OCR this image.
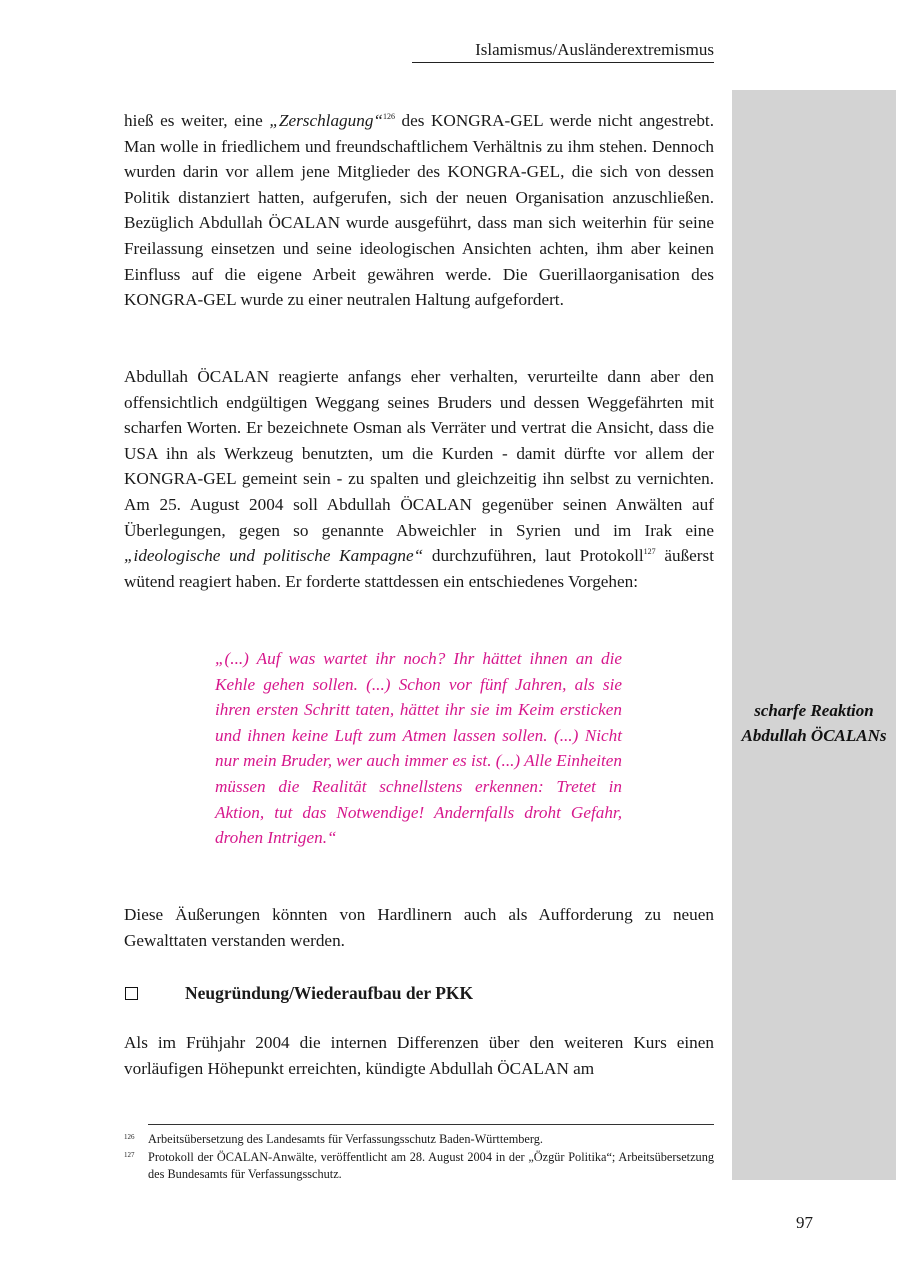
Islamismus/Ausländerextremismus
scharfe Reaktion Abdullah ÖCALANs

hieß es weiter, eine „Zerschlagung“$^{126}$ des KONGRA-GEL werde nicht angestrebt. Man wolle in friedlichem und freundschaftlichem Verhältnis zu ihm stehen. Dennoch wurden darin vor allem jene Mitglieder des KONGRA-GEL, die sich von dessen Politik distanziert hatten, aufgerufen, sich der neuen Organisation anzuschließen. Bezüglich Abdullah ÖCALAN wurde ausgeführt, dass man sich weiterhin für seine Freilassung einsetzen und seine ideologischen Ansichten achten, ihm aber keinen Einfluss auf die eigene Arbeit gewähren werde. Die Guerillaorganisation des KONGRA-GEL wurde zu einer neutralen Haltung aufgefordert.

Abdullah ÖCALAN reagierte anfangs eher verhalten, verurteilte dann aber den offensichtlich endgültigen Weggang seines Bruders und dessen Weggefährten mit scharfen Worten. Er bezeichnete Osman als Verräter und vertrat die Ansicht, dass die USA ihn als Werkzeug benutzten, um die Kurden - damit dürfte vor allem der KONGRA-GEL gemeint sein - zu spalten und gleichzeitig ihn selbst zu vernichten. Am 25. August 2004 soll Abdullah ÖCALAN gegenüber seinen Anwälten auf Überlegungen, gegen so genannte Abweichler in Syrien und im Irak eine „ideologische und politische Kampagne“ durchzuführen, laut Protokoll$^{127}$ äußerst wütend reagiert haben. Er forderte stattdessen ein entschiedenes Vorgehen:

„(...) Auf was wartet ihr noch? Ihr hättet ihnen an die Kehle gehen sollen. (...) Schon vor fünf Jahren, als sie ihren ersten Schritt taten, hättet ihr sie im Keim ersticken und ihnen keine Luft zum Atmen lassen sollen. (...) Nicht nur mein Bruder, wer auch immer es ist. (...) Alle Einheiten müssen die Realität schnellstens erkennen: Tretet in Aktion, tut das Notwendige! Andernfalls droht Gefahr, drohen Intrigen.“

Diese Äußerungen könnten von Hardlinern auch als Aufforderung zu neuen Gewalttaten verstanden werden.

Neugründung/Wiederaufbau der PKK

Als im Frühjahr 2004 die internen Differenzen über den weiteren Kurs einen vorläufigen Höhepunkt erreichten, kündigte Abdullah ÖCALAN am

126 Arbeitsübersetzung des Landesamts für Verfassungsschutz Baden-Württemberg.
127 Protokoll der ÖCALAN-Anwälte, veröffentlicht am 28. August 2004 in der „Özgür Politika“; Arbeitsübersetzung des Bundesamts für Verfassungsschutz.
97
